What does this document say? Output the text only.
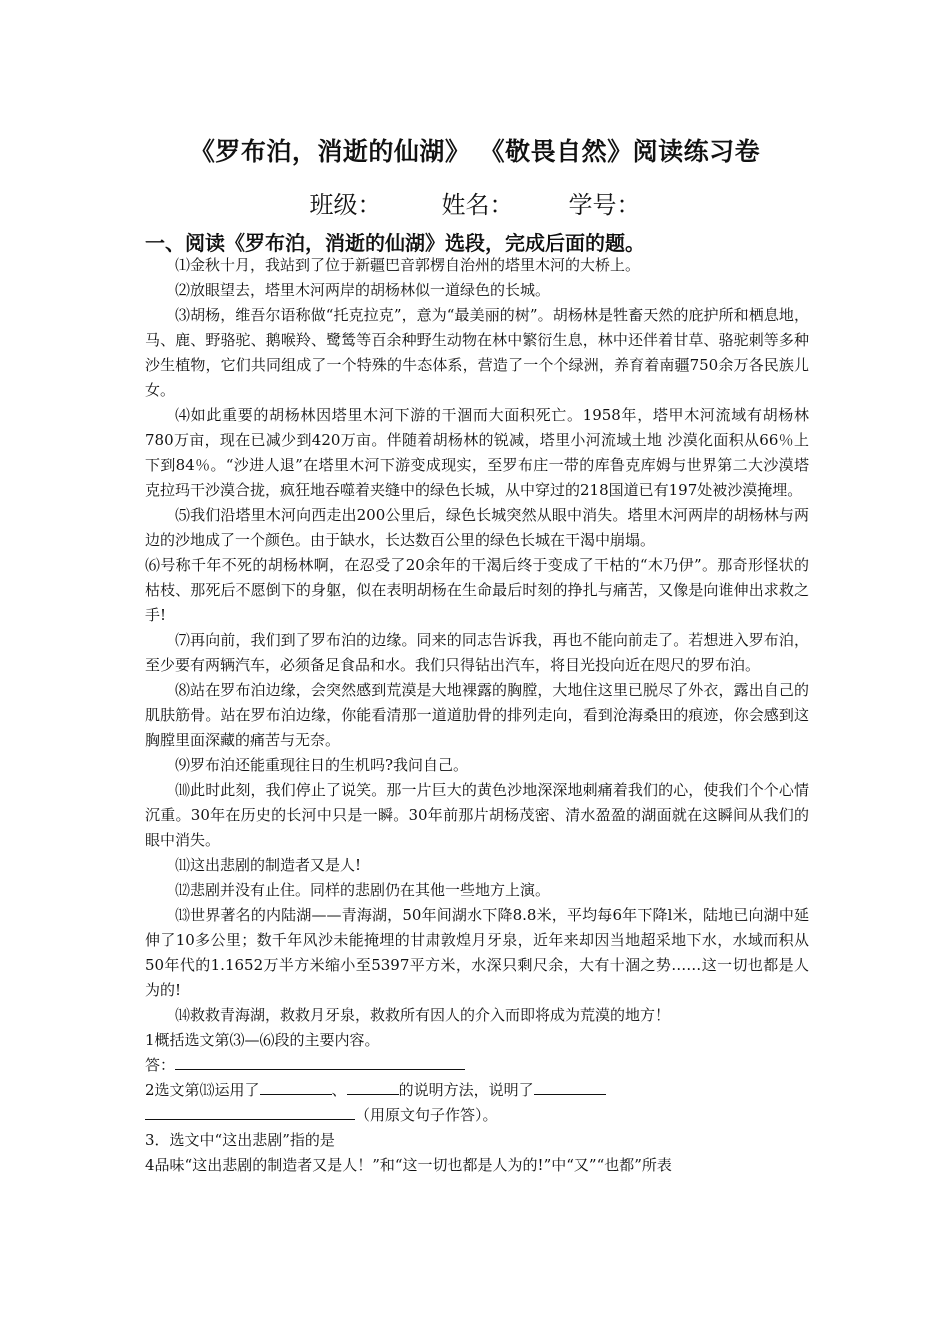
《罗布泊，消逝的仙湖》 《敬畏自然》阅读练习卷
班级：	姓名： 学号：
一、阅读《罗布泊，消逝的仙湖》选段，完成后面的题。

⑴金秋十月，我站到了位于新疆巴音郭楞自治州的塔里木河的大桥上。

⑵放眼望去，塔里木河两岸的胡杨林似一道绿色的长城。

⑶胡杨，维吾尔语称做“托克拉克”，意为“最美丽的树”。胡杨林是牲畜天然的庇护所和栖息地，马、鹿、野骆驼、鹅喉羚、鹭鸶等百余种野生动物在林中繁衍生息，林中还伴着甘草、骆驼刺等多种沙生植物，它们共同组成了一个特殊的牛态体系，营造了一个个绿洲，养育着南疆750余万各民族儿女。

⑷如此重要的胡杨林因塔里木河下游的干涸而大面积死亡。1958年，塔甲木河流域有胡杨林780万亩，现在已减少到420万亩。伴随着胡杨林的锐减，塔里小河流域土地 沙漠化面积从66％上下到84％。“沙进人退”在塔里木河下游变成现实，至罗布庄一带的库鲁克库姆与世界第二大沙漠塔克拉玛干沙漠合拢，疯狂地吞噬着夹缝中的绿色长城，从中穿过的218国道已有197处被沙漠掩埋。

⑸我们沿塔里木河向西走出200公里后，绿色长城突然从眼中消失。塔里木河两岸的胡杨林与两边的沙地成了一个颜色。由于缺水，长达数百公里的绿色长城在干渴中崩塌。

⑹号称千年不死的胡杨林啊，在忍受了20余年的干渴后终于变成了干枯的“木乃伊”。那奇形怪状的枯枝、那死后不愿倒下的身躯，似在表明胡杨在生命最后时刻的挣扎与痛苦，又像是向谁伸出求救之手!

⑺再向前，我们到了罗布泊的边缘。同来的同志告诉我，再也不能向前走了。若想进入罗布泊，至少要有两辆汽车，必须备足食品和水。我们只得钻出汽车，将目光投向近在咫尺的罗布泊。

⑻站在罗布泊边缘，会突然感到荒漠是大地裸露的胸膛，大地住这里已脱尽了外衣，露出自己的肌肤筋骨。站在罗布泊边缘，你能看清那一道道肋骨的排列走向，看到沧海桑田的痕迹，你会感到这胸膛里面深藏的痛苦与无奈。

⑼罗布泊还能重现往日的生机吗?我问自己。

⑽此时此刻，我们停止了说笑。那一片巨大的黄色沙地深深地刺痛着我们的心，使我们个个心情沉重。30年在历史的长河中只是一瞬。30年前那片胡杨茂密、清水盈盈的湖面就在这瞬间从我们的眼中消失。

⑾这出悲剧的制造者又是人!

⑿悲剧并没有止住。同样的悲剧仍在其他一些地方上演。

⒀世界著名的内陆湖——青海湖，50年间湖水下降8.8米，平均每6年下降l米，陆地已向湖中延伸了10多公里；数千年风沙未能掩埋的甘肃敦煌月牙泉，近年来却因当地超采地下水，水域而积从50年代的1.1652万半方米缩小至5397平方米，水深只剩尺余，大有十涸之势……这一切也都是人为的!

⒁救救青海湖，救救月牙泉，救救所有因人的介入而即将成为荒漠的地方！

1概括选文第⑶—⑹段的主要内容。

答：

2选文第⒀运用了	、	的说明方法，说明了

（用原文句子作答）。

3．选文中“这出悲剧”指的是

4品味“这出悲剧的制造者又是人！”和“这一切也都是人为的!”中“又”“也都”所表
